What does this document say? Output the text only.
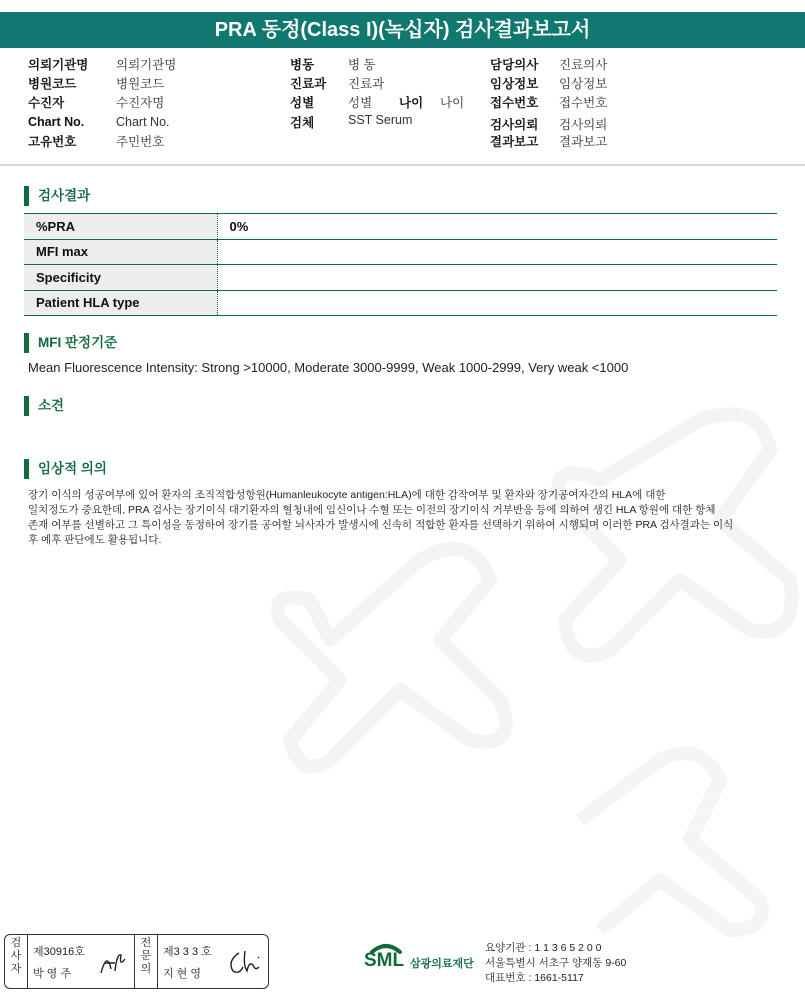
PRA 동정(Class I)(녹십자) 검사결과보고서
의뢰기관명 의뢰기관명
병원코드	병원코드
수진자	수진자명
Chart No.	Chart No.
고유번호	주민번호
병동	병 동
진료과 진료과
성별	성별 나이 나이
검체	SST Serum
담당의사 진료의사
임상정보 임상정보
접수번호 접수번호
검사의뢰 검사의뢰
결과보고 결과보고
검사결과
%PRA	0%
MFI max	
Specificity	
Patient HLA type	
MFI 판정기준
Mean Fluorescence Intensity: Strong >10000, Moderate 3000-9999, Weak 1000-2999, Very weak <1000
소견
임상적 의의
장기 이식의 성공여부에 있어 환자의 조직적합성항원(Humanleukocyte antigen:HLA)에 대한 감작여부 및 환자와 장기공여자간의 HLA에 대한
일치정도가 중요한데, PRA 검사는 장기이식 대기환자의 혈청내에 임신이나 수혈 또는 이전의 장기이식 거부반응 등에 의하여 생긴 HLA 항원에 대한 항체
존재 여부를 선별하고 그 특이성을 동정하여 장기를 공여할 뇌사자가 발생시에 신속히 적합한 환자를 선택하기 위하여 시행되며 이러한 PRA 검사결과는 이식
후 예후 판단에도 활용됩니다.
검
사
자
제30916호
박 영 주
전
문
의
제3 3 3 호
지 현 영
SML 삼광의료재단
요양기관 : 1 1 3 6 5 2 0 0
서울특별시 서초구 양재동 9-60
대표번호 : 1661-5117
